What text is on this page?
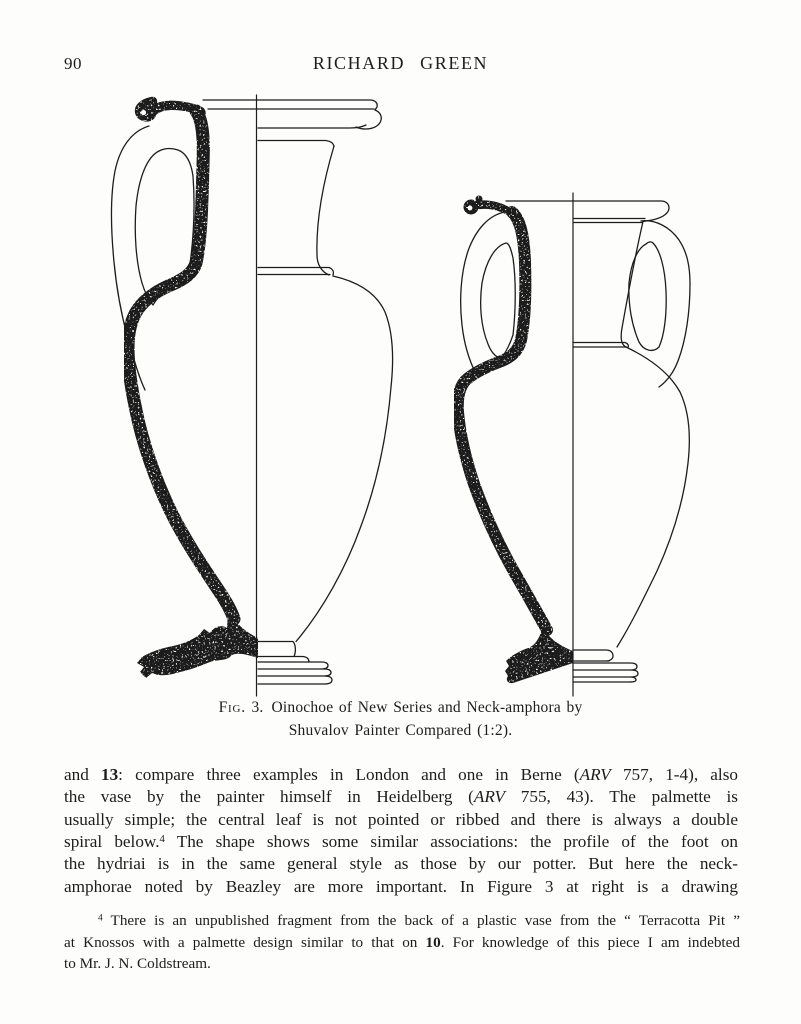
90	RICHARD GREEN
Fig. 3. Oinochoe of New Series and Neck-amphora by
Shuvalov Painter Compared (1:2).
and 13: compare three examples in London and one in Berne (ARV 757, 1-4), also
the vase by the painter himself in Heidelberg (ARV 755, 43). The palmette is
usually simple; the central leaf is not pointed or ribbed and there is always a double
spiral below.$^4$ The shape shows some similar associations: the profile of the foot on
the hydriai is in the same general style as those by our potter. But here the neck-
amphorae noted by Beazley are more important. In Figure 3 at right is a drawing
$^4$ There is an unpublished fragment from the back of a plastic vase from the “ Terracotta Pit ”
at Knossos with a palmette design similar to that on 10. For knowledge of this piece I am indebted
to Mr. J. N. Coldstream.
